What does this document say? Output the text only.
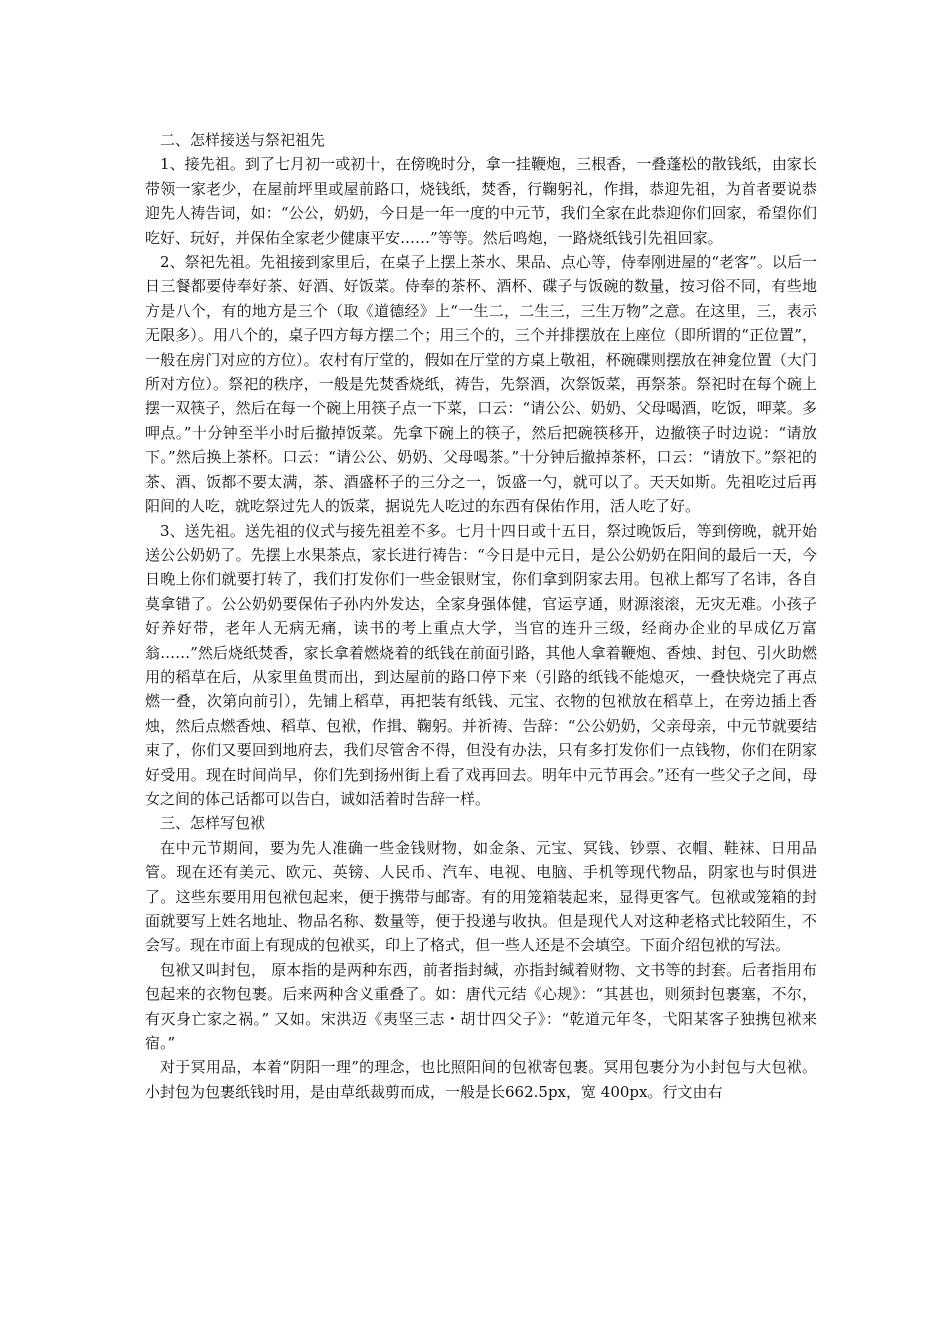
二、怎样接送与祭祀祖先

1、接先祖。到了七月初一或初十，在傍晚时分，拿一挂鞭炮，三根香，一叠蓬松的散钱纸，由家长带领一家老少，在屋前坪里或屋前路口，烧钱纸，焚香，行鞠躬礼，作揖，恭迎先祖，为首者要说恭迎先人祷告词，如：“公公，奶奶，今日是一年一度的中元节，我们全家在此恭迎你们回家，希望你们吃好、玩好，并保佑全家老少健康平安……”等等。然后鸣炮，一路烧纸钱引先祖回家。

2、祭祀先祖。先祖接到家里后，在桌子上摆上茶水、果品、点心等，侍奉刚进屋的“老客”。以后一日三餐都要侍奉好茶、好酒、好饭菜。侍奉的茶杯、酒杯、碟子与饭碗的数量，按习俗不同，有些地方是八个，有的地方是三个（取《道德经》上“一生二，二生三，三生万物”之意。在这里，三，表示无限多）。用八个的，桌子四方每方摆二个；用三个的，三个并排摆放在上座位（即所谓的“正位置”，一般在房门对应的方位）。农村有厅堂的，假如在厅堂的方桌上敬祖，杯碗碟则摆放在神龛位置（大门所对方位）。祭祀的秩序，一般是先焚香烧纸，祷告，先祭酒，次祭饭菜，再祭茶。祭祀时在每个碗上摆一双筷子，然后在每一个碗上用筷子点一下菜，口云：“请公公、奶奶、父母喝酒，吃饭，呷菜。多呷点。”十分钟至半小时后撤掉饭菜。先拿下碗上的筷子，然后把碗筷移开，边撤筷子时边说：“请放下。”然后换上茶杯。口云：“请公公、奶奶、父母喝茶。”十分钟后撤掉茶杯，口云：“请放下。”祭祀的茶、酒、饭都不要太满，茶、酒盛杯子的三分之一，饭盛一勺，就可以了。天天如斯。先祖吃过后再阳间的人吃，就吃祭过先人的饭菜，据说先人吃过的东西有保佑作用，活人吃了好。

3、送先祖。送先祖的仪式与接先祖差不多。七月十四日或十五日，祭过晚饭后，等到傍晚，就开始送公公奶奶了。先摆上水果茶点，家长进行祷告：“今日是中元日，是公公奶奶在阳间的最后一天，今日晚上你们就要打转了，我们打发你们一些金银财宝，你们拿到阴家去用。包袱上都写了名讳，各自莫拿错了。公公奶奶要保佑子孙内外发达，全家身强体健，官运亨通，财源滚滚，无灾无难。小孩子好养好带，老年人无病无痛，读书的考上重点大学，当官的连升三级，经商办企业的早成亿万富翁……”然后烧纸焚香，家长拿着燃烧着的纸钱在前面引路，其他人拿着鞭炮、香烛、封包、引火助燃用的稻草在后，从家里鱼贯而出，到达屋前的路口停下来（引路的纸钱不能熄灭，一叠快烧完了再点燃一叠，次第向前引），先铺上稻草，再把装有纸钱、元宝、衣物的包袱放在稻草上，在旁边插上香烛，然后点燃香烛、稻草、包袱，作揖、鞠躬。并祈祷、告辞：“公公奶奶，父亲母亲，中元节就要结束了，你们又要回到地府去，我们尽管舍不得，但没有办法，只有多打发你们一点钱物，你们在阴家好受用。现在时间尚早，你们先到扬州街上看了戏再回去。明年中元节再会。”还有一些父子之间，母女之间的体己话都可以告白，诚如活着时告辞一样。

三、怎样写包袱

在中元节期间，要为先人准确一些金钱财物，如金条、元宝、冥钱、钞票、衣帽、鞋袜、日用品管。现在还有美元、欧元、英镑、人民币、汽车、电视、电脑、手机等现代物品，阴家也与时俱进了。这些东要用用包袱包起来，便于携带与邮寄。有的用笼箱装起来，显得更客气。包袱或笼箱的封面就要写上姓名地址、物品名称、数量等，便于投递与收执。但是现代人对这种老格式比较陌生，不会写。现在市面上有现成的包袱买，印上了格式，但一些人还是不会填空。下面介绍包袱的写法。

包袱又叫封包， 原本指的是两种东西，前者指封缄，亦指封缄着财物、文书等的封套。后者指用布包起来的衣物包裹。后来两种含义重叠了。如：唐代元结《心规》：“其甚也，则须封包裹塞，不尔，有灭身亡家之祸。” 又如。宋洪迈《夷坚三志・胡廿四父子》：“乾道元年冬，弋阳某客子独携包袱来宿。”

对于冥用品，本着“阴阳一理”的理念，也比照阳间的包袱寄包裹。冥用包裹分为小封包与大包袱。小封包为包裹纸钱时用，是由草纸裁剪而成，一般是长662.5px，宽 400px。行文由右
